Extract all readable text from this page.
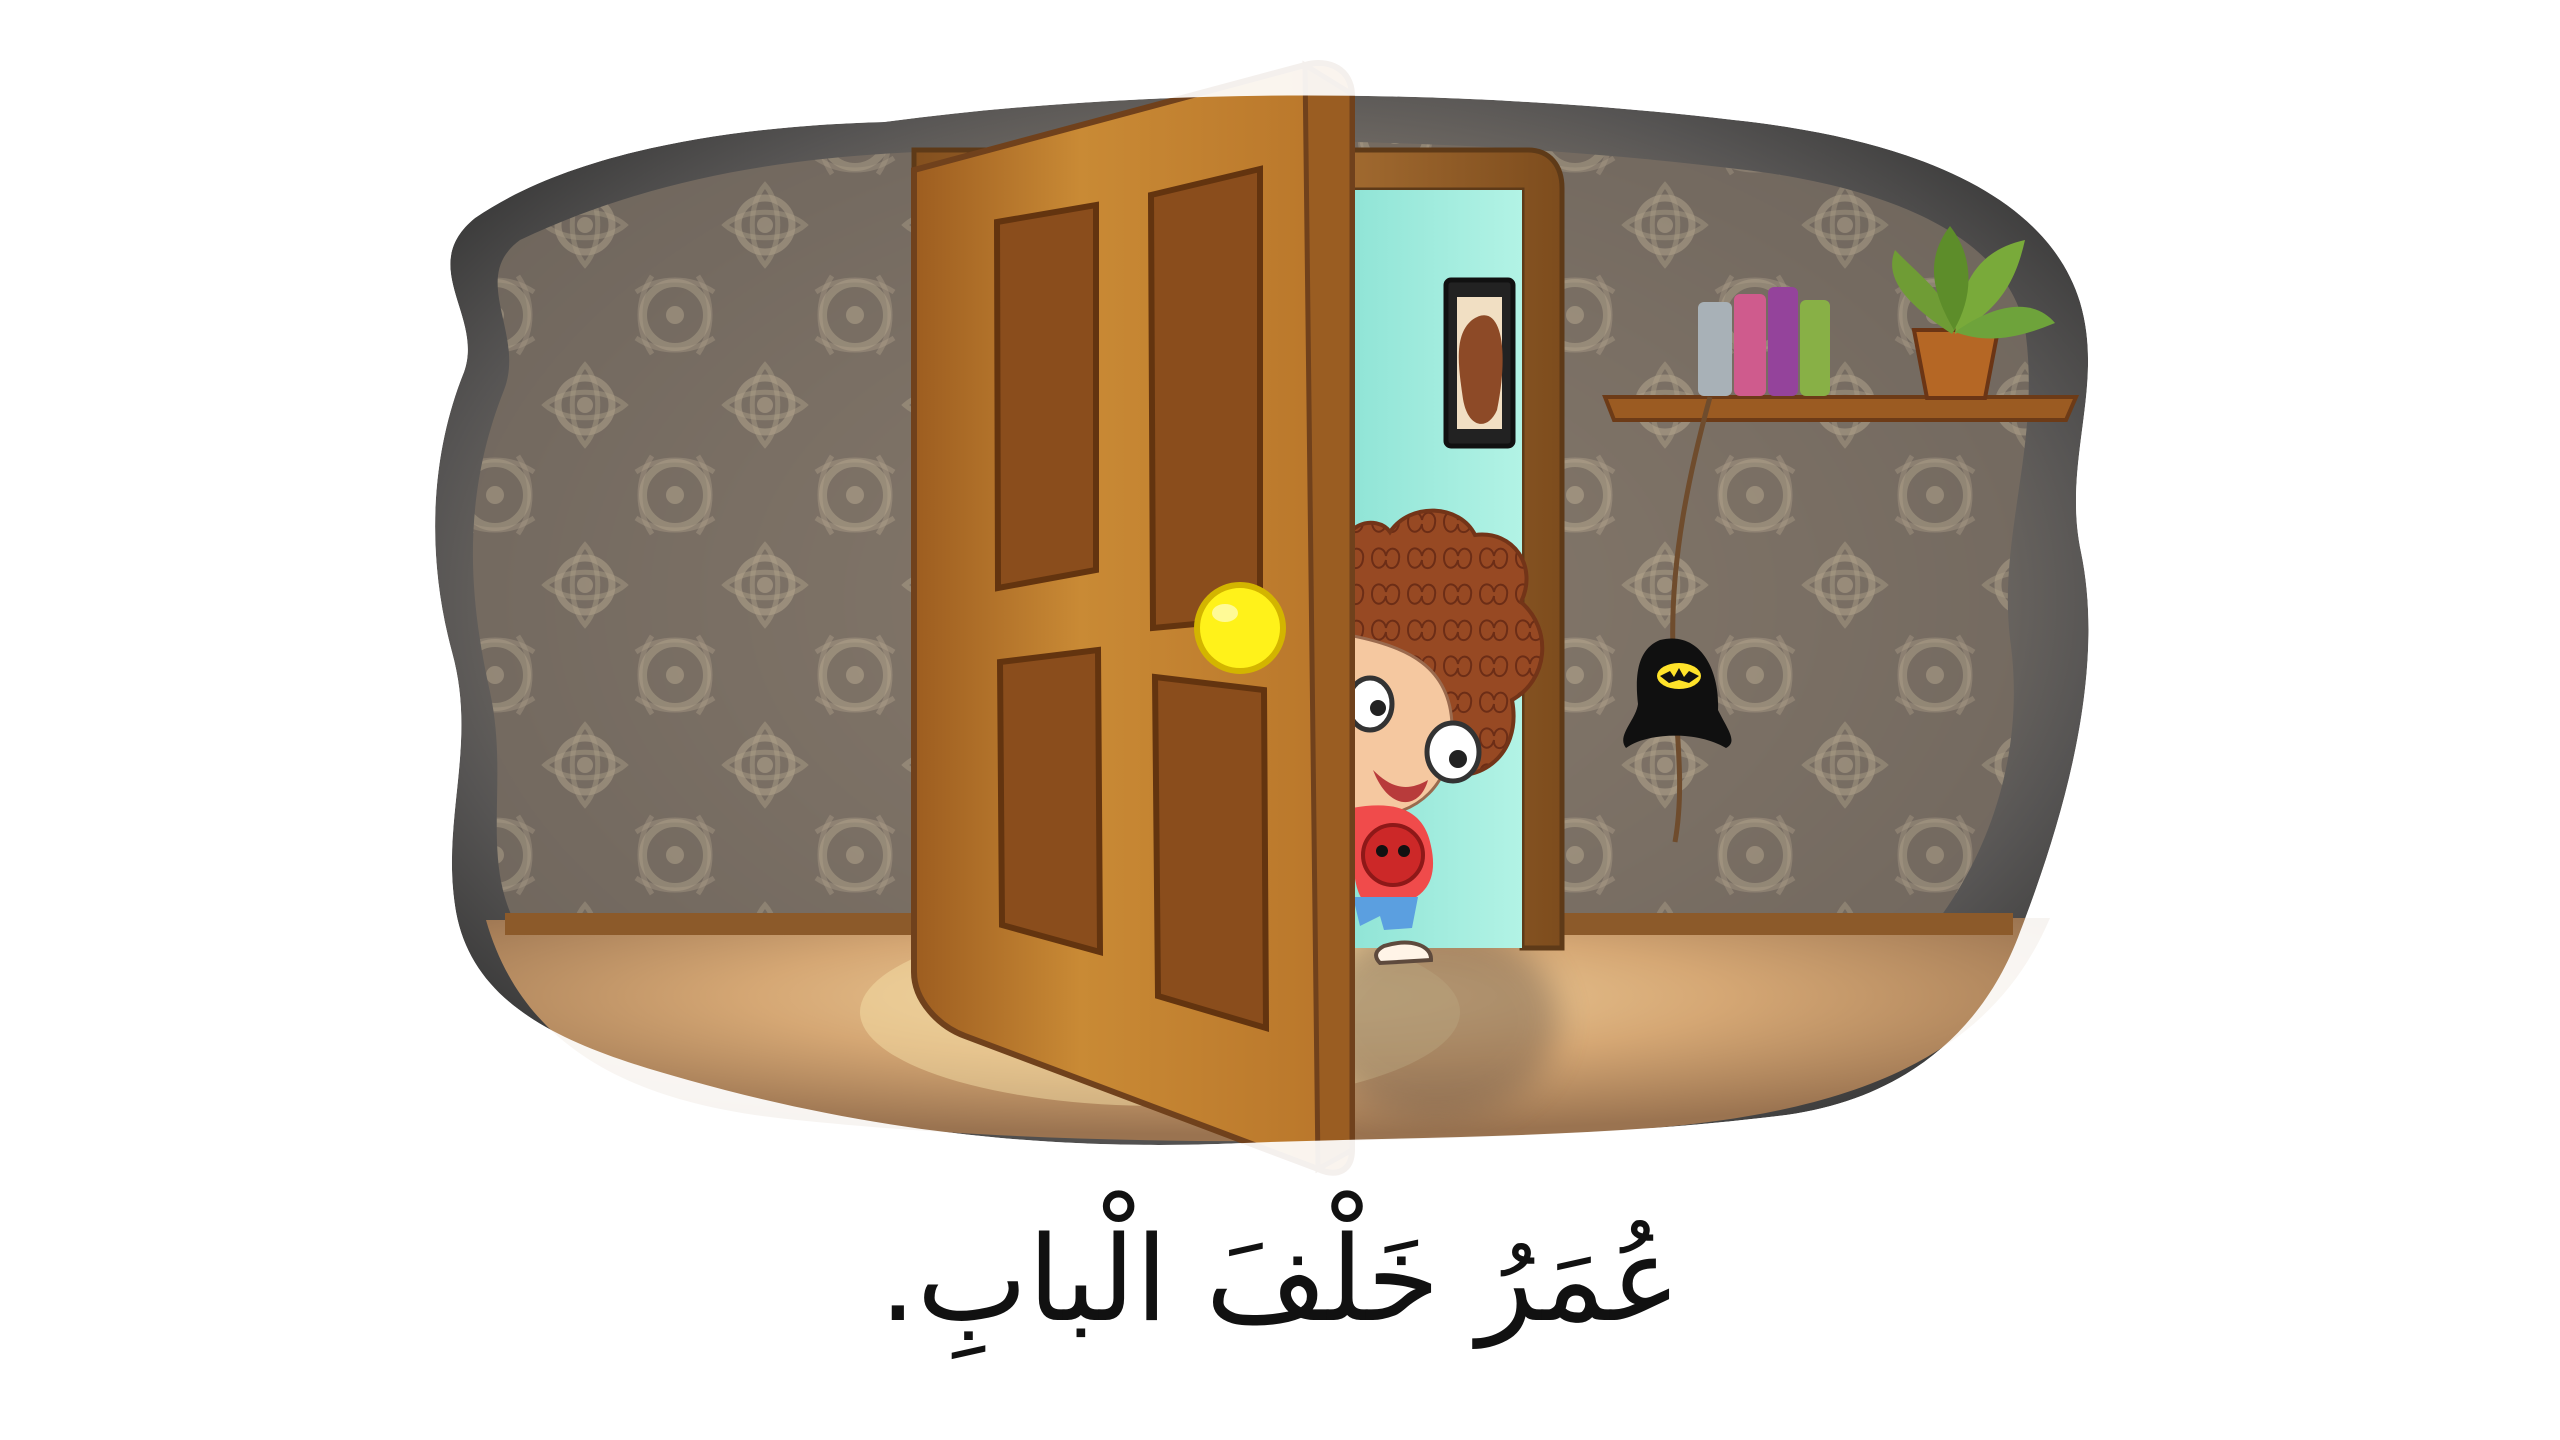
عُمَرُ خَلْفَ الْبابِ.
